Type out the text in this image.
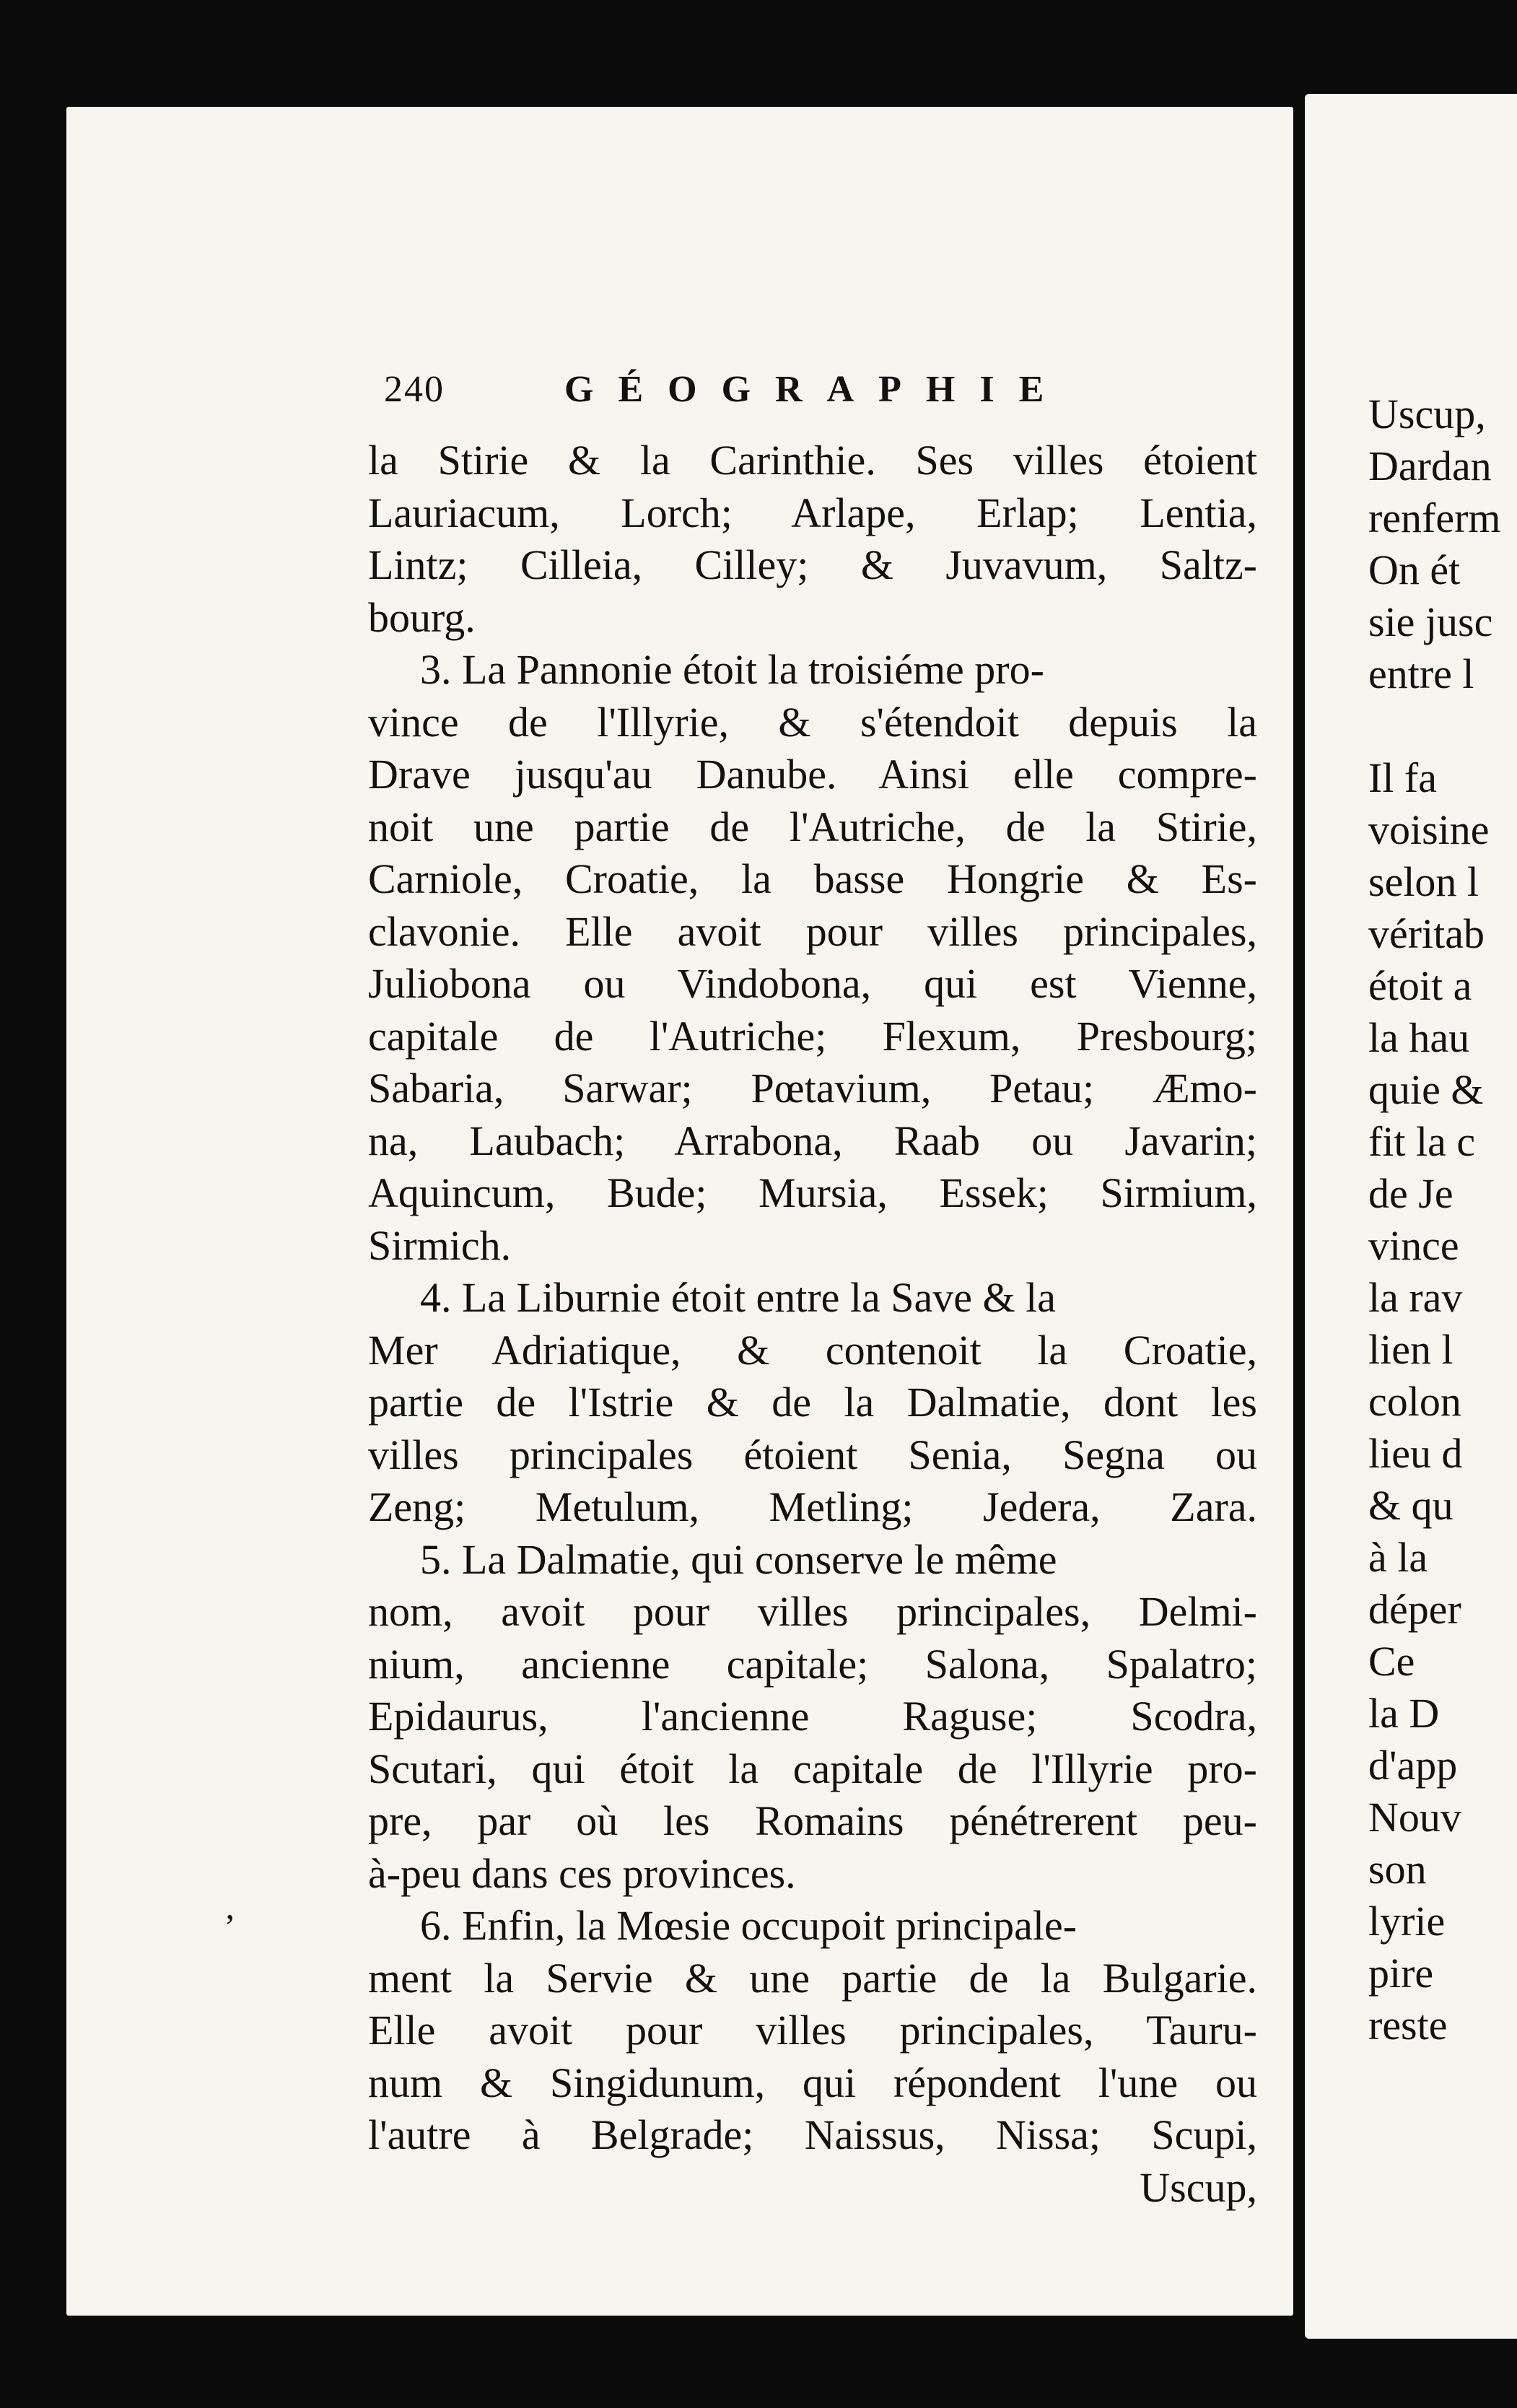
240	GÉOGRAPHIE
la Stirie & la Carinthie. Ses villes étoient
Lauriacum, Lorch; Arlape, Erlap; Lentia,
Lintz; Cilleia, Cilley; & Juvavum, Saltz-
bourg.
3. La Pannonie étoit la troisiéme pro-
vince de l'Illyrie, & s'étendoit depuis la
Drave jusqu'au Danube. Ainsi elle compre-
noit une partie de l'Autriche, de la Stirie,
Carniole, Croatie, la basse Hongrie & Es-
clavonie. Elle avoit pour villes principales,
Juliobona ou Vindobona, qui est Vienne,
capitale de l'Autriche; Flexum, Presbourg;
Sabaria, Sarwar; Pœtavium, Petau; Æmo-
na, Laubach; Arrabona, Raab ou Javarin;
Aquincum, Bude; Mursia, Essek; Sirmium,
Sirmich.
4. La Liburnie étoit entre la Save & la
Mer Adriatique, & contenoit la Croatie,
partie de l'Istrie & de la Dalmatie, dont les
villes principales étoient Senia, Segna ou
Zeng; Metulum, Metling; Jedera, Zara.
5. La Dalmatie, qui conserve le même
nom, avoit pour villes principales, Delmi-
nium, ancienne capitale; Salona, Spalatro;
Epidaurus, l'ancienne Raguse; Scodra,
Scutari, qui étoit la capitale de l'Illyrie pro-
pre, par où les Romains pénétrerent peu-
à-peu dans ces provinces.
6. Enfin, la Mœsie occupoit principale-
ment la Servie & une partie de la Bulgarie.
Elle avoit pour villes principales, Tauru-
num & Singidunum, qui répondent l'une ou
l'autre à Belgrade; Naissus, Nissa; Scupi,
Uscup,
Uscup,
Dardan
renferm
On ét
sie jusc
entre l
Il fa
voisine
selon l
véritab
étoit a
la hau
quie &
fit la c
de Je
vince
la rav
lien l
colon
lieu d
& qu
à la
déper
Ce
la D
d'app
Nouv
son
lyrie
pire
reste
ʼ
